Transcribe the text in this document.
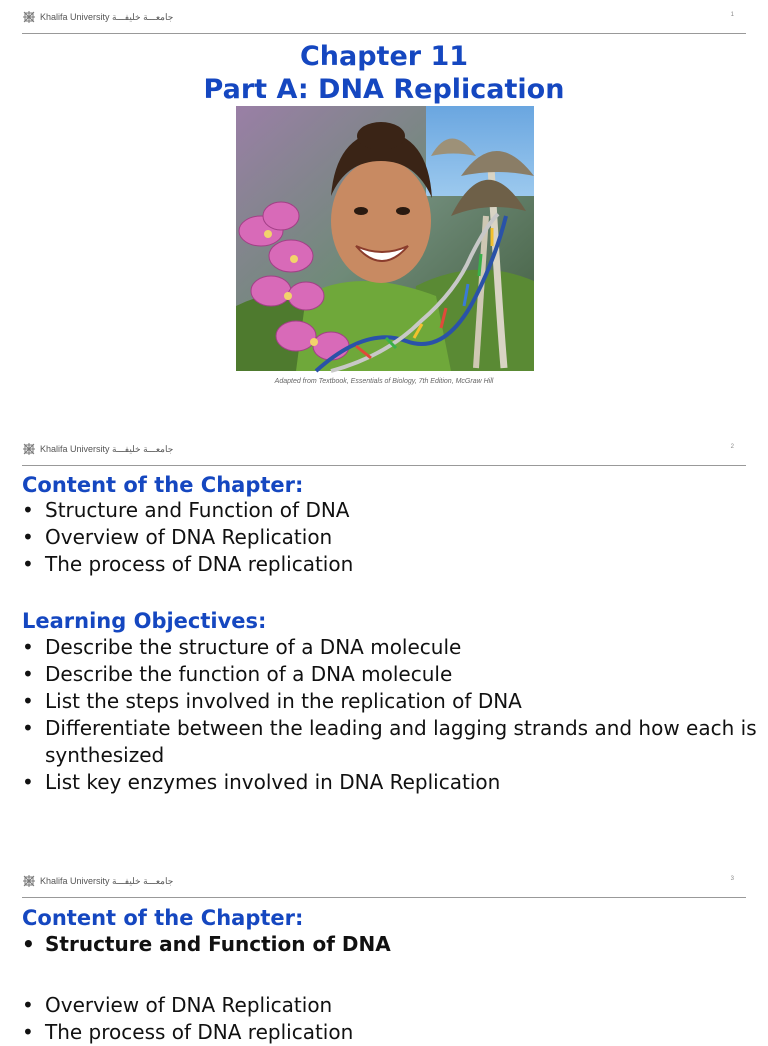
Khalifa University جامعـــة خليفـــة	1
Chapter 11
Part A: DNA Replication
Adapted from Textbook, Essentials of Biology, 7th Edition, McGraw Hill
Khalifa University جامعـــة خليفـــة	2
Content of the Chapter:
• Structure and Function of DNA
• Overview of DNA Replication
• The process of DNA replication
Learning Objectives:
• Describe the structure of a DNA molecule
• Describe the function of a DNA molecule
• List the steps involved in the replication of DNA
• Differentiate between the leading and lagging strands and how each is synthesized
• List key enzymes involved in DNA Replication
Khalifa University جامعـــة خليفـــة	3
Content of the Chapter:
• Structure and Function of DNA
• Overview of DNA Replication
• The process of DNA replication
